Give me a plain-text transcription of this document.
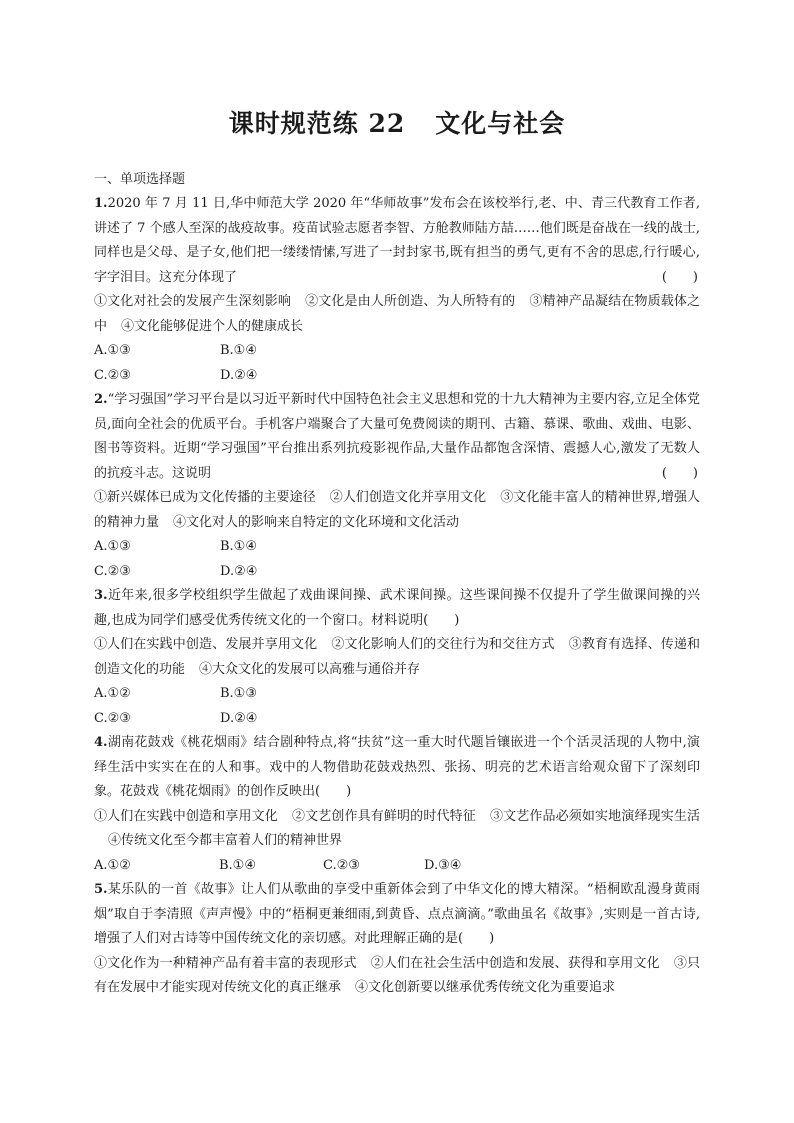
课时规范练 22 文化与社会
一、单项选择题
1.2020 年 7 月 11 日,华中师范大学 2020 年“华师故事”发布会在该校举行,老、中、青三代教育工作者,讲述了 7 个感人至深的战疫故事。疫苗试验志愿者李智、方舱教师陆方喆……他们既是奋战在一线的战士,同样也是父母、是子女,他们把一缕缕情愫,写进了一封封家书,既有担当的勇气,更有不舍的思虑,行行暖心,字字泪目。这充分体现了	(　　)
①文化对社会的发展产生深刻影响 ②文化是由人所创造、为人所特有的 ③精神产品凝结在物质载体之中 ④文化能够促进个人的健康成长
A.①③	B.①④
C.②③	D.②④
2.“学习强国”学习平台是以习近平新时代中国特色社会主义思想和党的十九大精神为主要内容,立足全体党员,面向全社会的优质平台。手机客户端聚合了大量可免费阅读的期刊、古籍、慕课、歌曲、戏曲、电影、图书等资料。近期“学习强国”平台推出系列抗疫影视作品,大量作品都饱含深情、震撼人心,激发了无数人的抗疫斗志。这说明	(　　)
①新兴媒体已成为文化传播的主要途径 ②人们创造文化并享用文化 ③文化能丰富人的精神世界,增强人的精神力量 ④文化对人的影响来自特定的文化环境和文化活动
A.①③	B.①④
C.②③	D.②④
3.近年来,很多学校组织学生做起了戏曲课间操、武术课间操。这些课间操不仅提升了学生做课间操的兴趣,也成为同学们感受优秀传统文化的一个窗口。材料说明(　　)
①人们在实践中创造、发展并享用文化 ②文化影响人们的交往行为和交往方式 ③教育有选择、传递和创造文化的功能 ④大众文化的发展可以高雅与通俗并存
A.①②	B.①③
C.②③	D.②④
4.湖南花鼓戏《桃花烟雨》结合剧种特点,将“扶贫”这一重大时代题旨镶嵌进一个个活灵活现的人物中,演绎生活中实实在在的人和事。戏中的人物借助花鼓戏热烈、张扬、明亮的艺术语言给观众留下了深刻印象。花鼓戏《桃花烟雨》的创作反映出(　　)
①人们在实践中创造和享用文化 ②文艺创作具有鲜明的时代特征 ③文艺作品必须如实地演绎现实生活④传统文化至今都丰富着人们的精神世界
A.①②	B.①④	C.②③	D.③④
5.某乐队的一首《故事》让人们从歌曲的享受中重新体会到了中华文化的博大精深。“梧桐欧乱漫身黄雨烟”取自于李清照《声声慢》中的“梧桐更兼细雨,到黄昏、点点滴滴。”歌曲虽名《故事》,实则是一首古诗,增强了人们对古诗等中国传统文化的亲切感。对此理解正确的是(　　)
①文化作为一种精神产品有着丰富的表现形式 ②人们在社会生活中创造和发展、获得和享用文化 ③只有在发展中才能实现对传统文化的真正继承 ④文化创新要以继承优秀传统文化为重要追求
